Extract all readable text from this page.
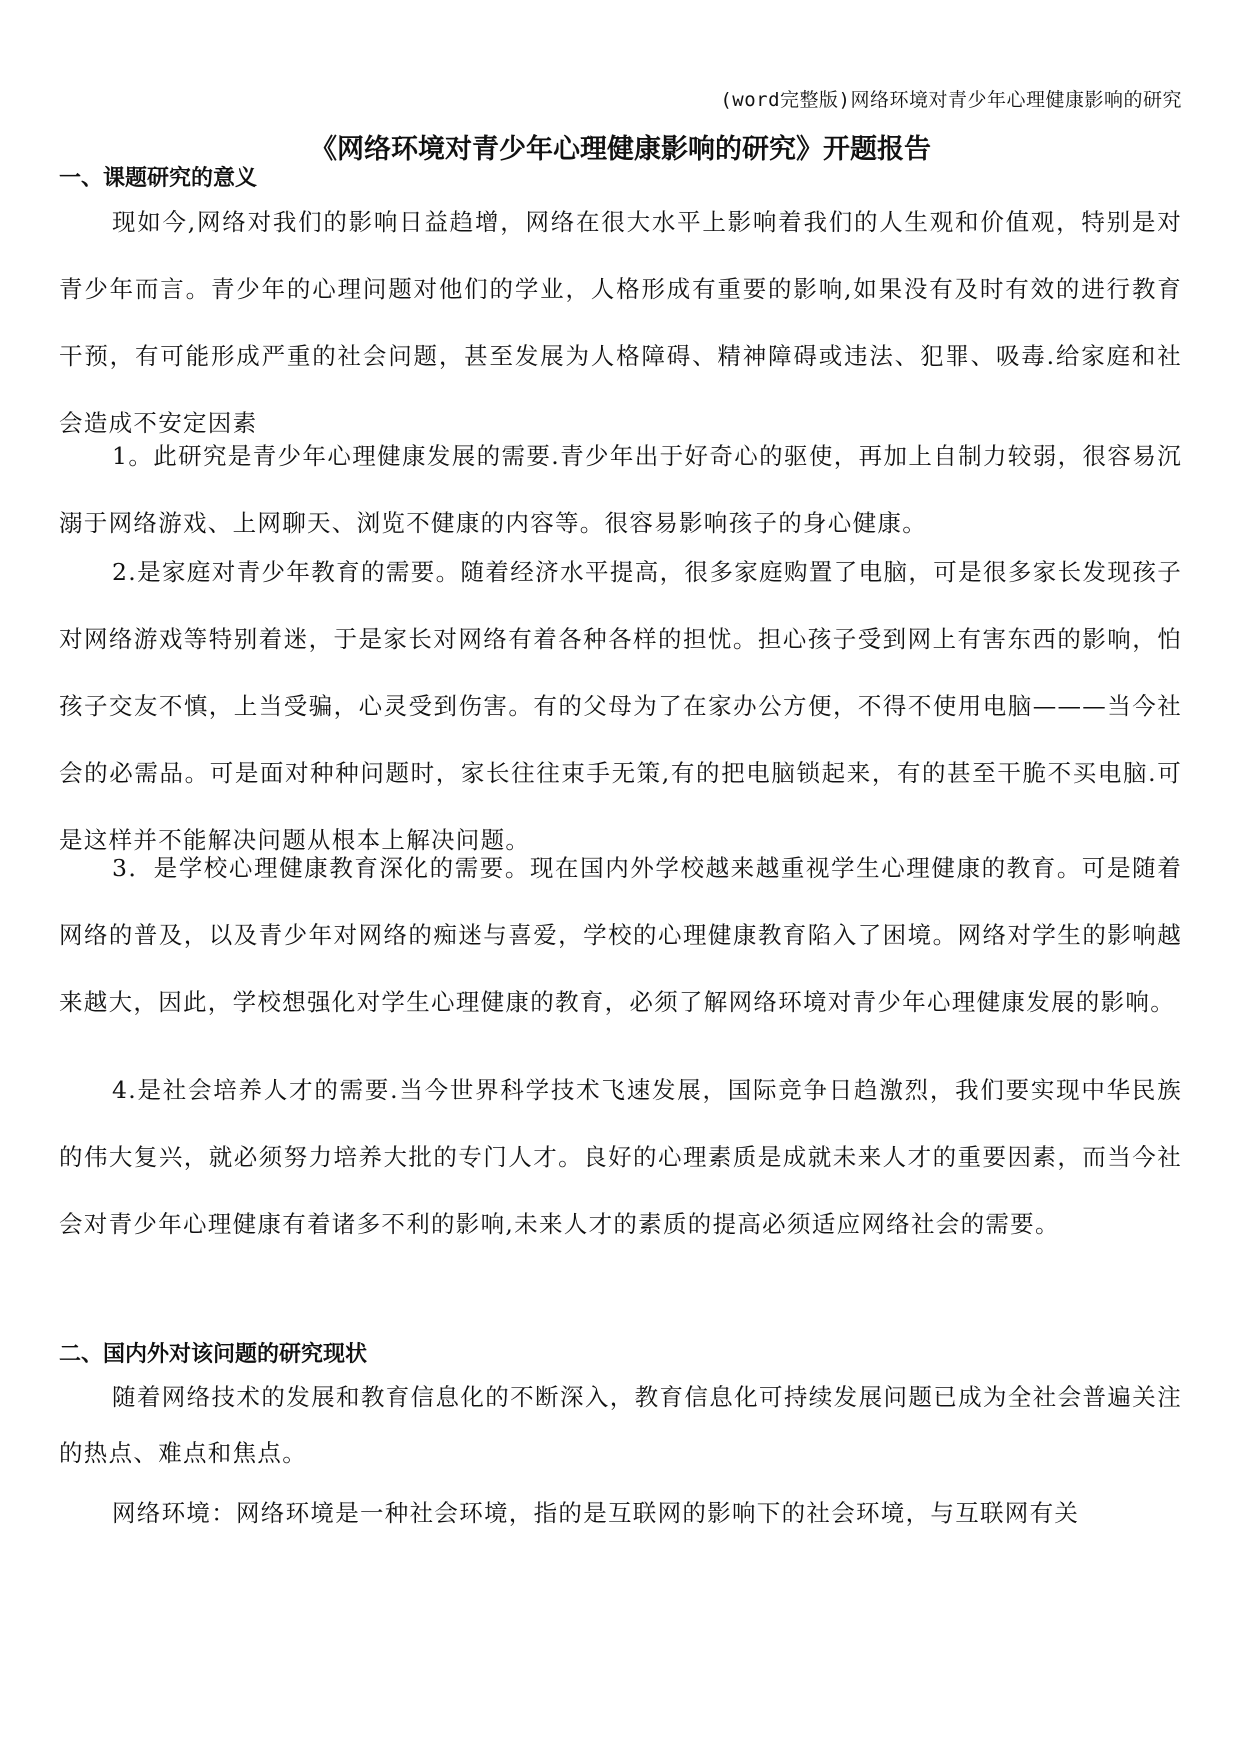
(word完整版)网络环境对青少年心理健康影响的研究
《网络环境对青少年心理健康影响的研究》开题报告
一、课题研究的意义

现如今,网络对我们的影响日益趋增，网络在很大水平上影响着我们的人生观和价值观，特别是对青少年而言。青少年的心理问题对他们的学业，人格形成有重要的影响,如果没有及时有效的进行教育干预，有可能形成严重的社会问题，甚至发展为人格障碍、精神障碍或违法、犯罪、吸毒.给家庭和社会造成不安定因素

1。此研究是青少年心理健康发展的需要.青少年出于好奇心的驱使，再加上自制力较弱，很容易沉溺于网络游戏、上网聊天、浏览不健康的内容等。很容易影响孩子的身心健康。

2.是家庭对青少年教育的需要。随着经济水平提高，很多家庭购置了电脑，可是很多家长发现孩子对网络游戏等特别着迷，于是家长对网络有着各种各样的担忧。担心孩子受到网上有害东西的影响，怕孩子交友不慎，上当受骗，心灵受到伤害。有的父母为了在家办公方便，不得不使用电脑———当今社会的必需品。可是面对种种问题时，家长往往束手无策,有的把电脑锁起来，有的甚至干脆不买电脑.可是这样并不能解决问题从根本上解决问题。

3．是学校心理健康教育深化的需要。现在国内外学校越来越重视学生心理健康的教育。可是随着网络的普及，以及青少年对网络的痴迷与喜爱，学校的心理健康教育陷入了困境。网络对学生的影响越来越大，因此，学校想强化对学生心理健康的教育，必须了解网络环境对青少年心理健康发展的影响。

4.是社会培养人才的需要.当今世界科学技术飞速发展，国际竞争日趋激烈，我们要实现中华民族的伟大复兴，就必须努力培养大批的专门人才。良好的心理素质是成就未来人才的重要因素，而当今社会对青少年心理健康有着诸多不利的影响,未来人才的素质的提高必须适应网络社会的需要。

二、国内外对该问题的研究现状

随着网络技术的发展和教育信息化的不断深入，教育信息化可持续发展问题已成为全社会普遍关注的热点、难点和焦点。

网络环境：网络环境是一种社会环境，指的是互联网的影响下的社会环境，与互联网有关
